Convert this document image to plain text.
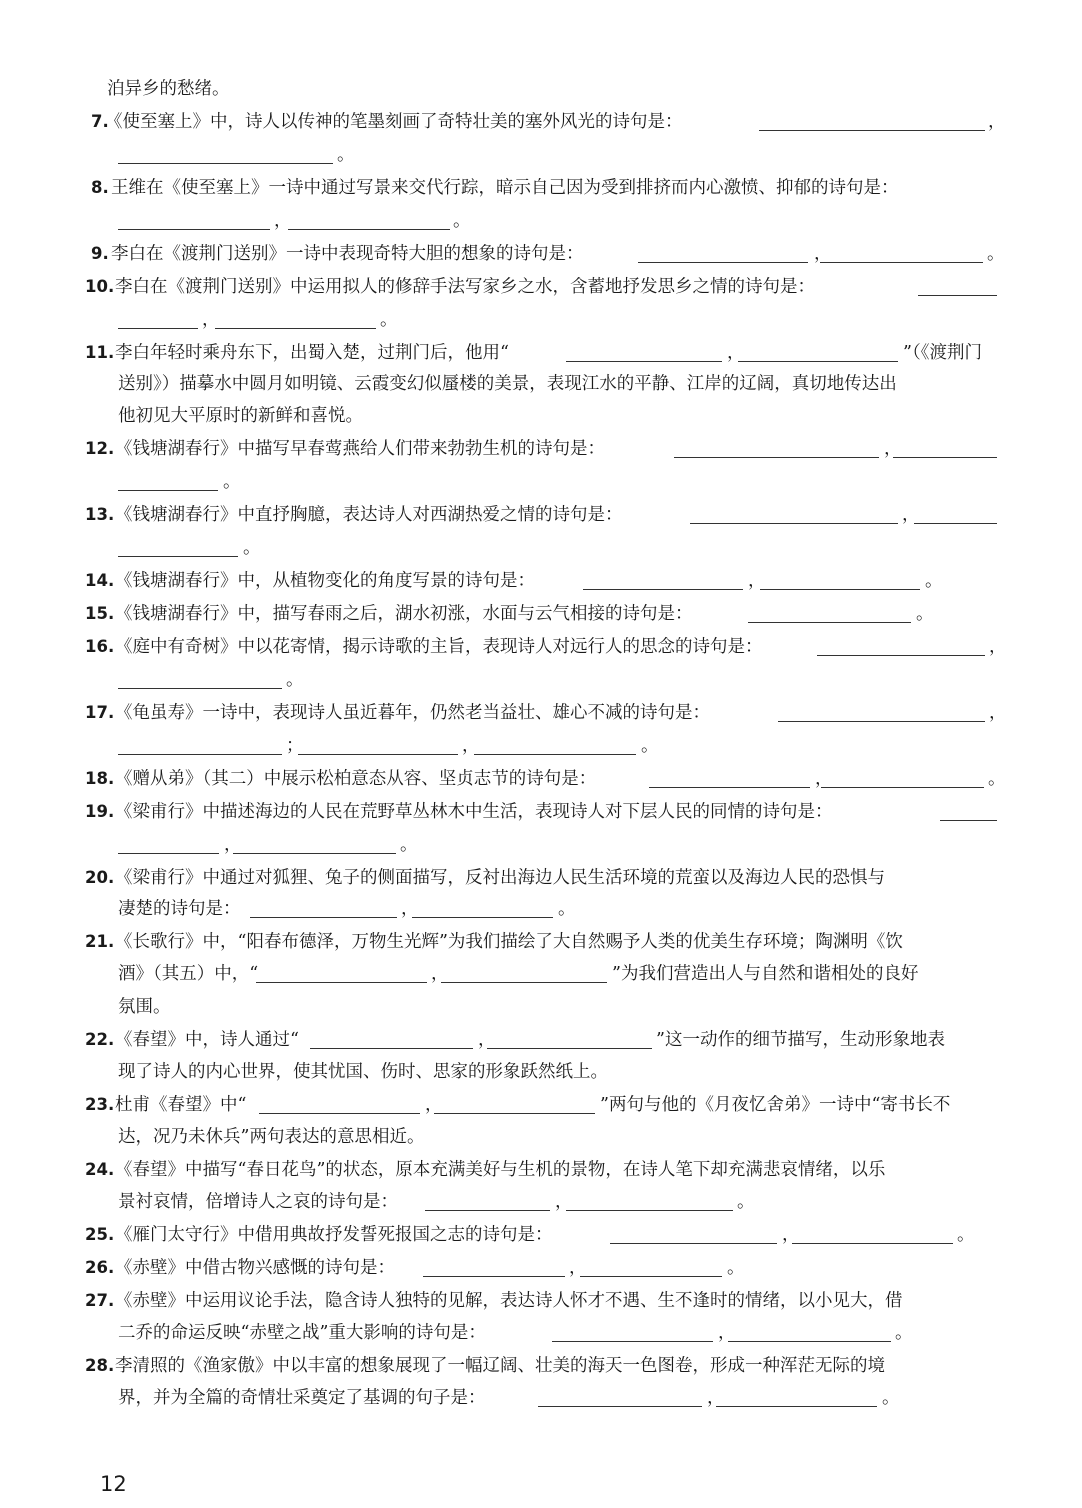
泊异乡的愁绪。
7.
《使至塞上》中，诗人以传神的笔墨刻画了奇特壮美的塞外风光的诗句是：	，
。
8. 王维在《使至塞上》一诗中通过写景来交代行踪，暗示自己因为受到排挤而内心激愤、抑郁的诗句是：
，	。
9. 李白在《渡荆门送别》一诗中表现奇特大胆的想象的诗句是：	，	。
10. 李白在《渡荆门送别》中运用拟人的修辞手法写家乡之水，含蓄地抒发思乡之情的诗句是：
，	。
11. 李白年轻时乘舟东下，出蜀入楚，过荆门后，他用“	，	”（《渡荆门
送别》）描摹水中圆月如明镜、云霞变幻似蜃楼的美景，表现江水的平静、江岸的辽阔，真切地传达出
他初见大平原时的新鲜和喜悦。
12. 《钱塘湖春行》中描写早春莺燕给人们带来勃勃生机的诗句是：	，
。
13. 《钱塘湖春行》中直抒胸臆，表达诗人对西湖热爱之情的诗句是：	，
。
14. 《钱塘湖春行》中，从植物变化的角度写景的诗句是：	，	。
15. 《钱塘湖春行》中，描写春雨之后，湖水初涨，水面与云气相接的诗句是：	。
16. 《庭中有奇树》中以花寄情，揭示诗歌的主旨，表现诗人对远行人的思念的诗句是：	，
。
17. 《龟虽寿》一诗中，表现诗人虽近暮年，仍然老当益壮、雄心不减的诗句是：	，
；	，	。
18. 《赠从弟》（其二）中展示松柏意态从容、坚贞志节的诗句是：	，	。
19. 《梁甫行》中描述海边的人民在荒野草丛林木中生活，表现诗人对下层人民的同情的诗句是：
，	。
20. 《梁甫行》中通过对狐狸、兔子的侧面描写，反衬出海边人民生活环境的荒蛮以及海边人民的恐惧与
凄楚的诗句是：	，	。
21. 《长歌行》中，“阳春布德泽，万物生光辉”为我们描绘了大自然赐予人类的优美生存环境；陶渊明《饮
酒》（其五）中，“	，	”为我们营造出人与自然和谐相处的良好
氛围。
22. 《春望》中，诗人通过“	，	”这一动作的细节描写，生动形象地表
现了诗人的内心世界，使其忧国、伤时、思家的形象跃然纸上。
23. 杜甫《春望》中“	，	”两句与他的《月夜忆舍弟》一诗中“寄书长不
达，况乃未休兵”两句表达的意思相近。
24. 《春望》中描写“春日花鸟”的状态，原本充满美好与生机的景物，在诗人笔下却充满悲哀情绪，以乐
景衬哀情，倍增诗人之哀的诗句是：	，	。
25. 《雁门太守行》中借用典故抒发誓死报国之志的诗句是：	，	。
26. 《赤壁》中借古物兴感慨的诗句是：	，	。
27. 《赤壁》中运用议论手法，隐含诗人独特的见解，表达诗人怀才不遇、生不逢时的情绪，以小见大，借
二乔的命运反映“赤壁之战”重大影响的诗句是：	，	。
28. 李清照的《渔家傲》中以丰富的想象展现了一幅辽阔、壮美的海天一色图卷，形成一种浑茫无际的境
界，并为全篇的奇情壮采奠定了基调的句子是：	，	。
12
